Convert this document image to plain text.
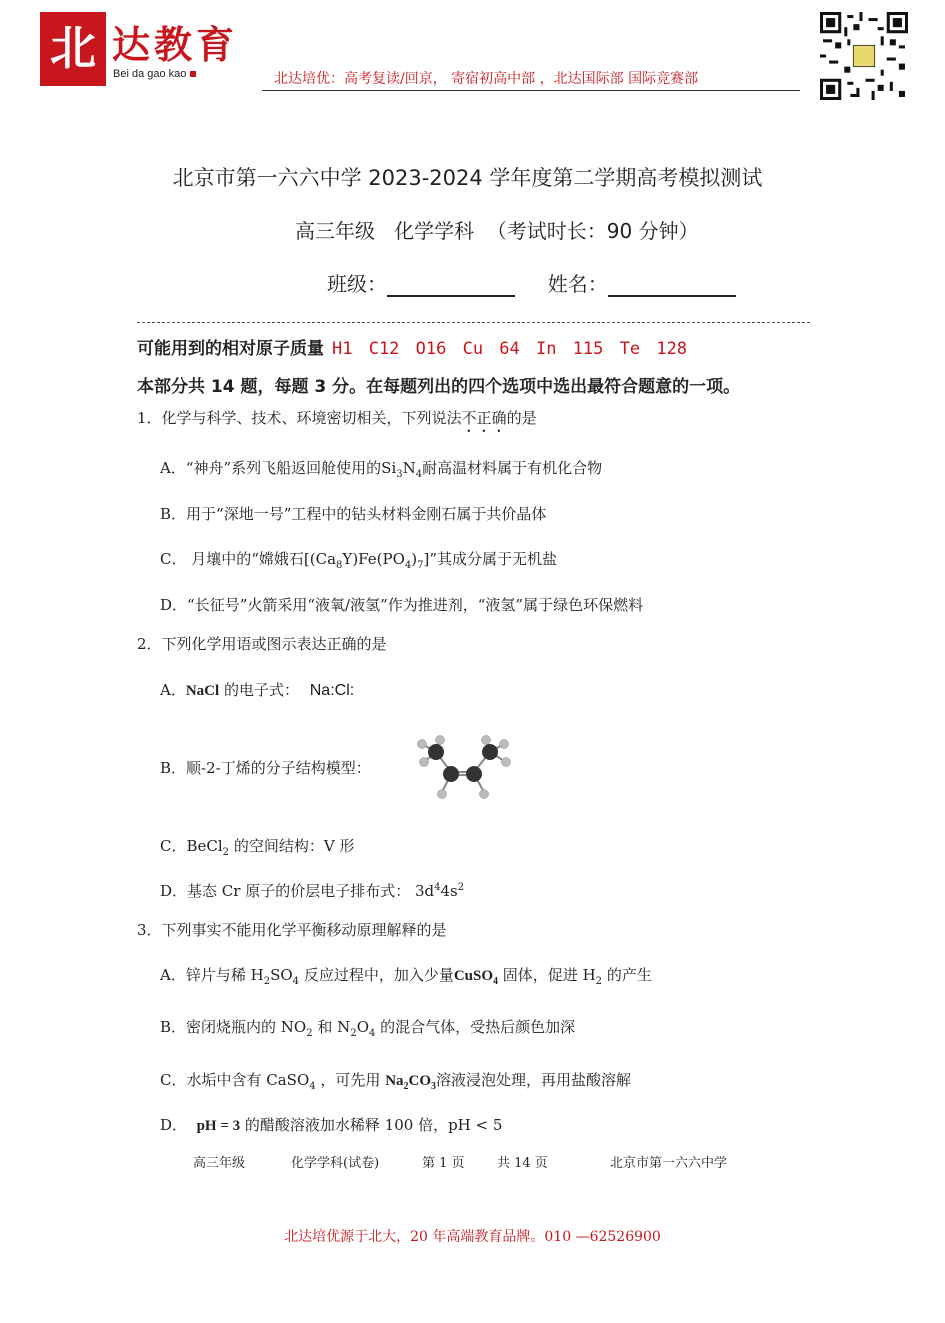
北 达教育
Bei da gao kao	北达培优：高考复读/回京， 寄宿初高中部 ，北达国际部 国际竞赛部
北京市第一六六中学 2023-2024 学年度第二学期高考模拟测试
高三年级   化学学科  （考试时长：90 分钟）
班级：	姓名：
可能用到的相对原子质量 H1 C12 O16 Cu 64 In 115 Te 128
本部分共 14 题，每题 3 分。在每题列出的四个选项中选出最符合题意的一项。
1．化学与科学、技术、环境密切相关，下列说法不正确的是
A．“神舟”系列飞船返回舱使用的$Si_3N_4$耐高温材料属于有机化合物
B．用于“深地一号”工程中的钻头材料金刚石属于共价晶体
C． 月壤中的“嫦娥石$[(Ca_8Y)Fe(PO_4)_7]$”其成分属于无机盐
D．“长征号”火箭采用“液氧/液氢”作为推进剂，“液氢”属于绿色环保燃料
2．下列化学用语或图示表达正确的是
A．NaCl 的电子式： Na:Cl:
B．顺-2-丁烯的分子结构模型：
C．BeCl$_2$ 的空间结构：V 形
D．基态 Cr 原子的价层电子排布式： $3d^44s^2$
3．下列事实不能用化学平衡移动原理解释的是
A．锌片与稀 $H_2SO_4$ 反应过程中，加入少量CuSO$_4$ 固体，促进 $H_2$ 的产生
B．密闭烧瓶内的 $NO_2$ 和 $N_2O_4$ 的混合气体，受热后颜色加深
C．水垢中含有 CaSO$_4$ ，可先用 $Na_2CO_3$溶液浸泡处理，再用盐酸溶解
D． pH = 3 的醋酸溶液加水稀释 100 倍，pH < 5
高三年级	化学学科(试卷)	第 1 页 共 14 页	北京市第一六六中学
北达培优源于北大，20 年高端教育品牌。010 —62526900
